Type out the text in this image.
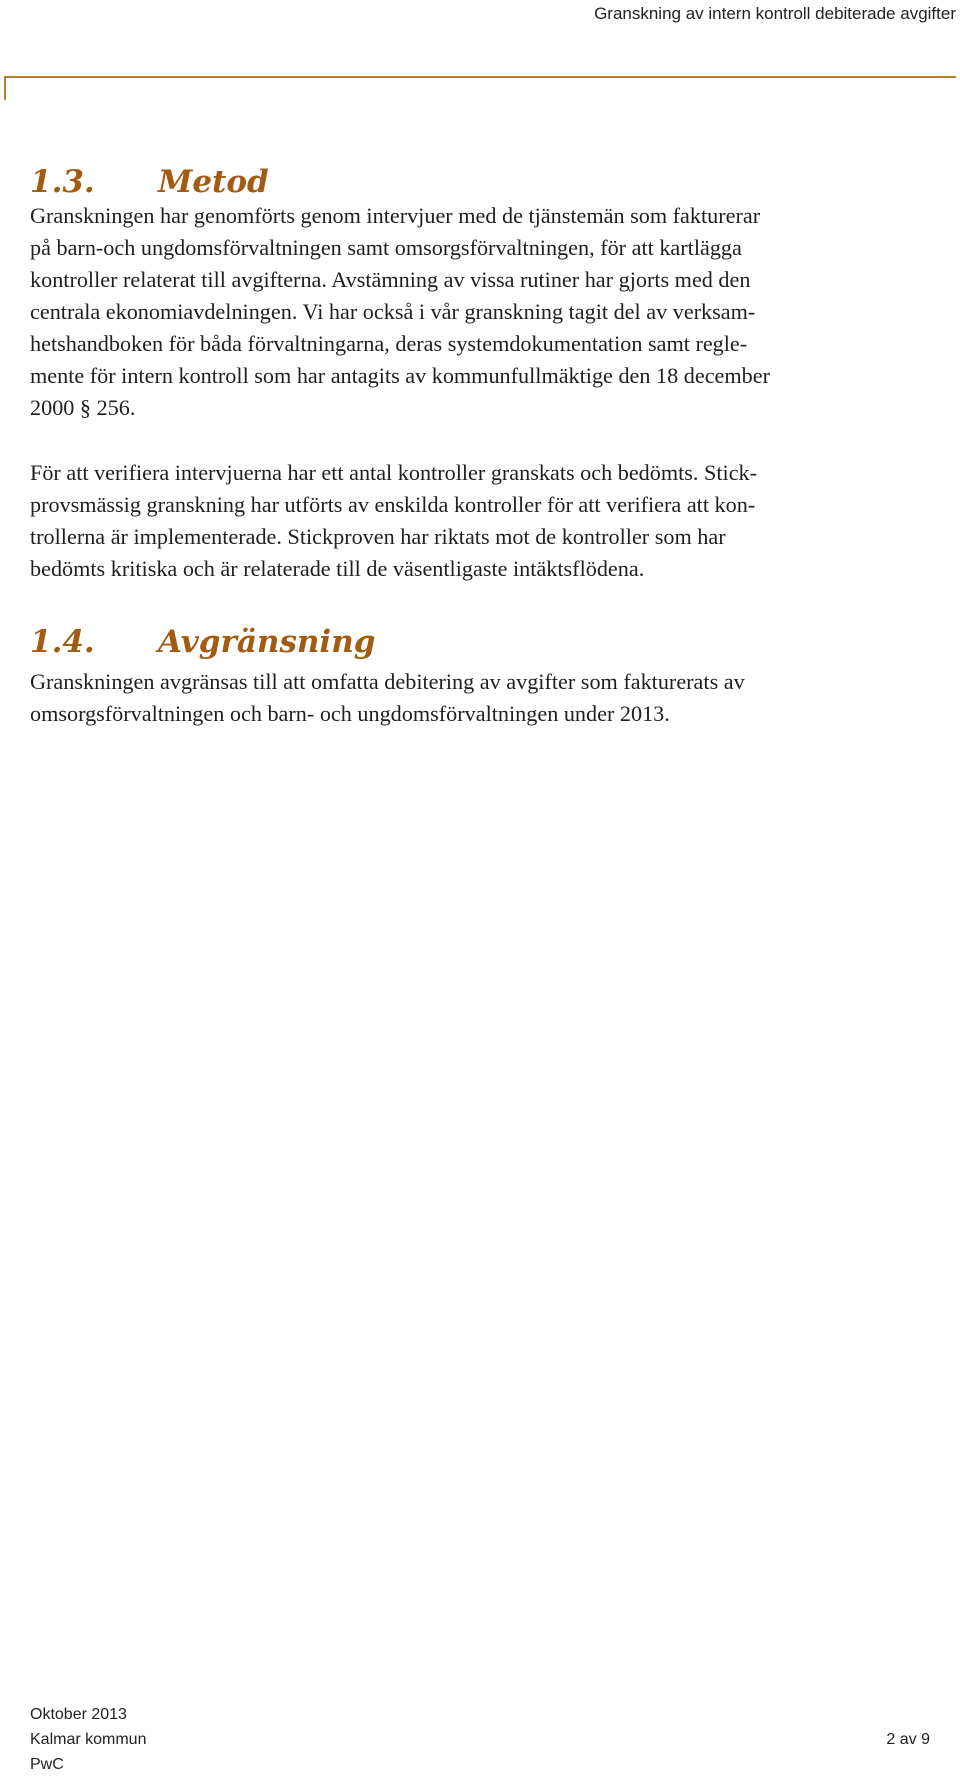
Granskning av intern kontroll debiterade avgifter
1.3. Metod

Granskningen har genomförts genom intervjuer med de tjänstemän som fakturerar
på barn-och ungdomsförvaltningen samt omsorgsförvaltningen, för att kartlägga
kontroller relaterat till avgifterna. Avstämning av vissa rutiner har gjorts med den
centrala ekonomiavdelningen. Vi har också i vår granskning tagit del av verksam-
hetshandboken för båda förvaltningarna, deras systemdokumentation samt regle-
mente för intern kontroll som har antagits av kommunfullmäktige den 18 december
2000 § 256.

För att verifiera intervjuerna har ett antal kontroller granskats och bedömts. Stick-
provsmässig granskning har utförts av enskilda kontroller för att verifiera att kon-
trollerna är implementerade. Stickproven har riktats mot de kontroller som har
bedömts kritiska och är relaterade till de väsentligaste intäktsflödena.

1.4. Avgränsning

Granskningen avgränsas till att omfatta debitering av avgifter som fakturerats av
omsorgsförvaltningen och barn- och ungdomsförvaltningen under 2013.

Oktober 2013
Kalmar kommun	2 av 9
PwC
